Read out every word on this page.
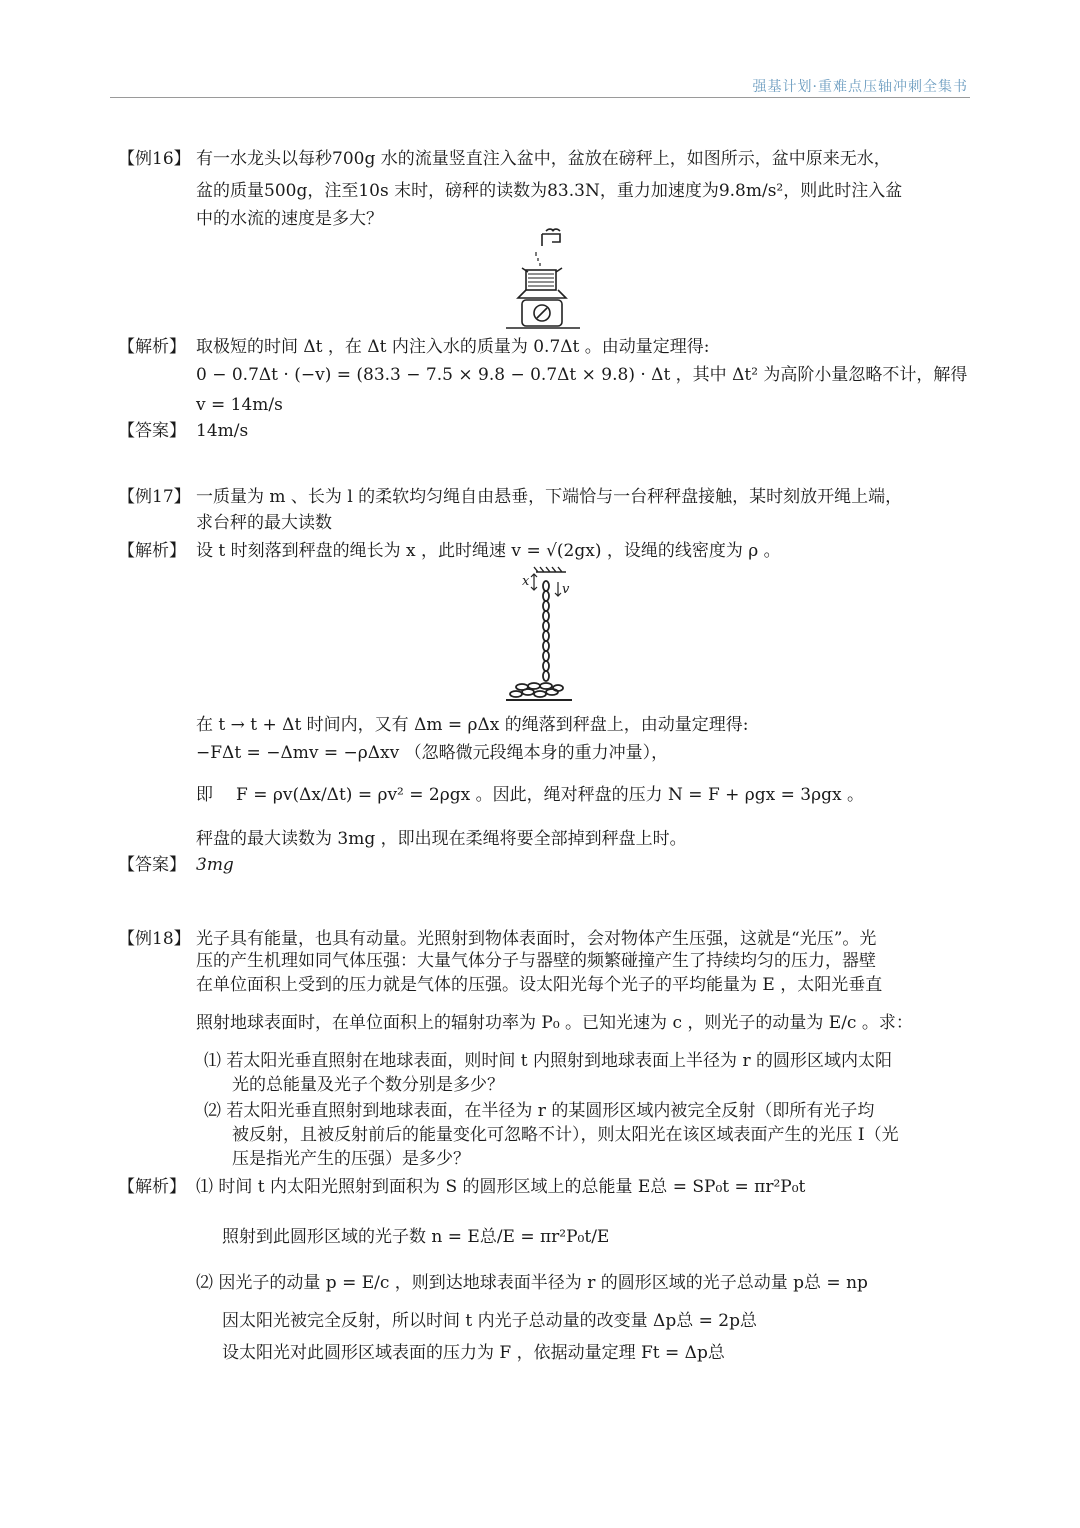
强基计划·重难点压轴冲刺全集书
【例16】 有一水龙头以每秒700g 水的流量竖直注入盆中，盆放在磅秤上，如图所示，盆中原来无水，
盆的质量500g，注至10s 末时，磅秤的读数为83.3N，重力加速度为9.8m/s²，则此时注入盆
中的水流的速度是多大？
【解析】 取极短的时间 Δt ，在 Δt 内注入水的质量为 0.7Δt 。由动量定理得:
0 − 0.7Δt · (−v) = (83.3 − 7.5 × 9.8 − 0.7Δt × 9.8) · Δt ，其中 Δt² 为高阶小量忽略不计，解得
v = 14m/s
【答案】 14m/s
【例17】 一质量为 m 、长为 l 的柔软均匀绳自由悬垂，下端恰与一台秤秤盘接触，某时刻放开绳上端，
求台秤的最大读数
【解析】 设 t 时刻落到秤盘的绳长为 x ，此时绳速 v = √(2gx) ，设绳的线密度为 ρ 。
x
v
在 t → t + Δt 时间内，又有 Δm = ρΔx 的绳落到秤盘上，由动量定理得:
−FΔt = −Δmv = −ρΔxv （忽略微元段绳本身的重力冲量），
即 F = ρv(Δx/Δt) = ρv² = 2ρgx 。因此，绳对秤盘的压力 N = F + ρgx = 3ρgx 。
秤盘的最大读数为 3mg ，即出现在柔绳将要全部掉到秤盘上时。
【答案】 3mg
【例18】 光子具有能量，也具有动量。光照射到物体表面时，会对物体产生压强，这就是“光压”。光
压的产生机理如同气体压强：大量气体分子与器壁的频繁碰撞产生了持续均匀的压力，器壁
在单位面积上受到的压力就是气体的压强。设太阳光每个光子的平均能量为 E ，太阳光垂直
照射地球表面时，在单位面积上的辐射功率为 P₀ 。已知光速为 c ，则光子的动量为 E/c 。求：
⑴ 若太阳光垂直照射在地球表面，则时间 t 内照射到地球表面上半径为 r 的圆形区域内太阳
光的总能量及光子个数分别是多少？
⑵ 若太阳光垂直照射到地球表面，在半径为 r 的某圆形区域内被完全反射（即所有光子均
被反射，且被反射前后的能量变化可忽略不计），则太阳光在该区域表面产生的光压 I（光
压是指光产生的压强）是多少？
【解析】 ⑴ 时间 t 内太阳光照射到面积为 S 的圆形区域上的总能量 E总 = SP₀t = πr²P₀t
照射到此圆形区域的光子数 n = E总/E = πr²P₀t/E
⑵ 因光子的动量 p = E/c ，则到达地球表面半径为 r 的圆形区域的光子总动量 p总 = np
因太阳光被完全反射，所以时间 t 内光子总动量的改变量 Δp总 = 2p总
设太阳光对此圆形区域表面的压力为 F ，依据动量定理 Ft = Δp总
